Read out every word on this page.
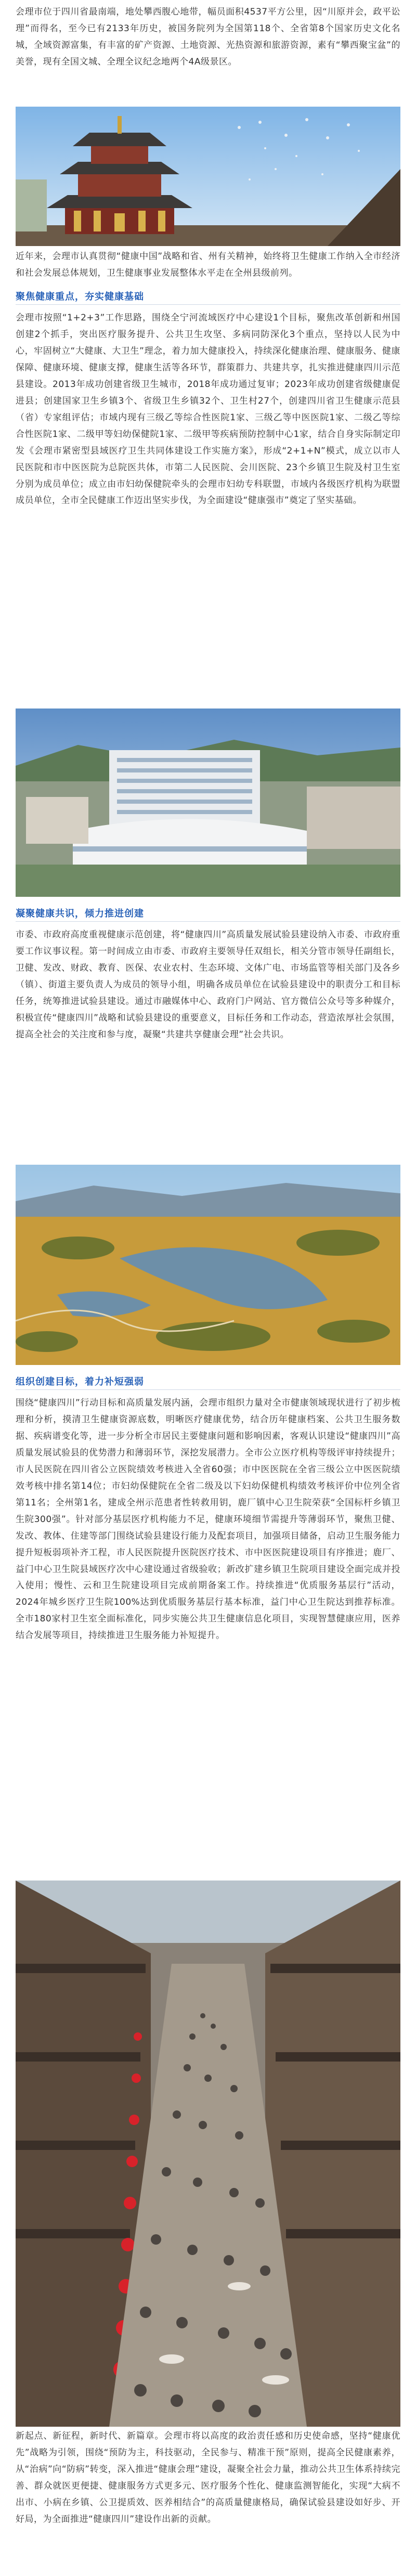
会理市位于四川省最南端，地处攀西腹心地带，幅员面积4537平方公里，因“川原并会，政平讼理”而得名，至今已有2133年历史，被国务院列为全国第118个、全省第8个国家历史文化名城，全域资源富集，有丰富的矿产资源、土地资源、光热资源和旅游资源，素有“攀西聚宝盆”的美誉，现有全国文城、全理全议纪念地两个4A级景区。

近年来，会理市认真贯彻“健康中国”战略和省、州有关精神，始终将卫生健康工作纳入全市经济和社会发展总体规划，卫生健康事业发展整体水平走在全州县级前列。

聚焦健康重点，夯实健康基础

会理市按照“1+2+3”工作思路，围绕全宁河流域医疗中心建设1个目标，聚焦改革创新和州国创建2个抓手，突出医疗服务提升、公共卫生攻坚、多病同防深化3个重点，坚持以人民为中心，牢固树立“大健康、大卫生”理念，着力加大健康投入，持续深化健康治理、健康服务、健康保障、健康环境、健康支撑，健康生活等各环节，群策群力、共建共享，扎实推进健康四川示范县建设。2013年成功创建省级卫生城市，2018年成功通过复审；2023年成功创建省级健康促进县；创建国家卫生乡镇3个、省级卫生乡镇32个、卫生村27个，创建四川省卫生健康示范县（省）专家组评估；市域内现有三级乙等综合性医院1家、三级乙等中医医院1家、二级乙等综合性医院1家、二级甲等妇幼保健院1家、二级甲等疾病预防控制中心1家，结合自身实际制定印发《会理市紧密型县域医疗卫生共同体建设工作实施方案》，形成“2+1+N”模式，成立以市人民医院和市中医医院为总院医共体，市第二人民医院、会川医院、23个乡镇卫生院及村卫生室分别为成员单位；成立由市妇幼保健院牵头的会理市妇幼专科联盟，市域内各级医疗机构为联盟成员单位，全市全民健康工作迈出坚实步伐，为全面建设“健康强市”奠定了坚实基础。

凝聚健康共识，倾力推进创建

市委、市政府高度重视健康示范创建，将“健康四川”高质量发展试验县建设纳入市委、市政府重要工作议事议程。第一时间成立由市委、市政府主要领导任双组长，相关分管市领导任副组长，卫健、发改、财政、教育、医保、农业农村、生态环境、文体广电、市场监管等相关部门及各乡（镇）、街道主要负责人为成员的领导小组，明确各成员单位在试验县建设中的职责分工和目标任务，统筹推进试验县建设。通过市融媒体中心、政府门户网站、官方微信公众号等多种媒介，积极宣传“健康四川”战略和试验县建设的重要意义，目标任务和工作动态，营造浓厚社会氛围，提高全社会的关注度和参与度，凝聚“共建共享健康会理”社会共识。

组织创建目标，着力补短强弱

围绕“健康四川”行动目标和高质量发展内涵，会理市组织力量对全市健康领域现状进行了初步梳理和分析，摸清卫生健康资源底数，明晰医疗健康优势，结合历年健康档案、公共卫生服务数据、疾病谱变化等，进一步分析全市居民主要健康问题和影响因素，客观认识建设“健康四川”高质量发展试验县的优势潜力和薄弱环节，深挖发展潜力。全市公立医疗机构等级评审持续提升；市人民医院在四川省公立医院绩效考核进入全省60强；市中医医院在全省三级公立中医医院绩效考核中排名第14位；市妇幼保健院在全省二级及以下妇幼保健机构绩效考核评价中位列全省第11名；全州第1名，建成全州示范患者性转救用钥，鹿厂镇中心卫生院荣获“全国标杆乡镇卫生院300强”。针对部分基层医疗机构能力不足，健康环境细节需提升等薄弱环节，聚焦卫健、发改、教体、住建等部门围绕试验县建设行能力及配套项目，加强项目储备，启动卫生服务能力提升短板弱项补齐工程，市人民医院提升医院医疗技术、市中医医院建设项目有序推进；鹿厂、益门中心卫生院县域医疗次中心建设通过省级验收；新改扩建乡镇卫生院项目建设全面完成并投入使用；慢性、云和卫生院建设项目完成前期备案工作。持续推进“优质服务基层行”活动，2024年城乡医疗卫生院100%达到优质服务基层行基本标准，益门中心卫生院达到推荐标准。全市180家村卫生室全面标准化，同步实施公共卫生健康信息化项目，实现智慧健康应用，医养结合发展等项目，持续推进卫生服务能力补短提升。

新起点、新征程，新时代、新篇章。会理市将以高度的政治责任感和历史使命感，坚持“健康优先”战略为引领，围绕“预防为主，科技驱动，全民参与、精准干预”原则，提高全民健康素养，从“治病”向“防病”转变，深入推进“健康会理”建设，凝聚全社会力量，推动公共卫生体系持续完善、群众就医更便捷、健康服务方式更多元、医疗服务个性化、健康监测智能化，实现“大病不出市、小病在乡镇、公卫提质效、医养相结合”的高质量健康格局，确保试验县建设如好步、开好局，为全面推进“健康四川”建设作出新的贡献。
